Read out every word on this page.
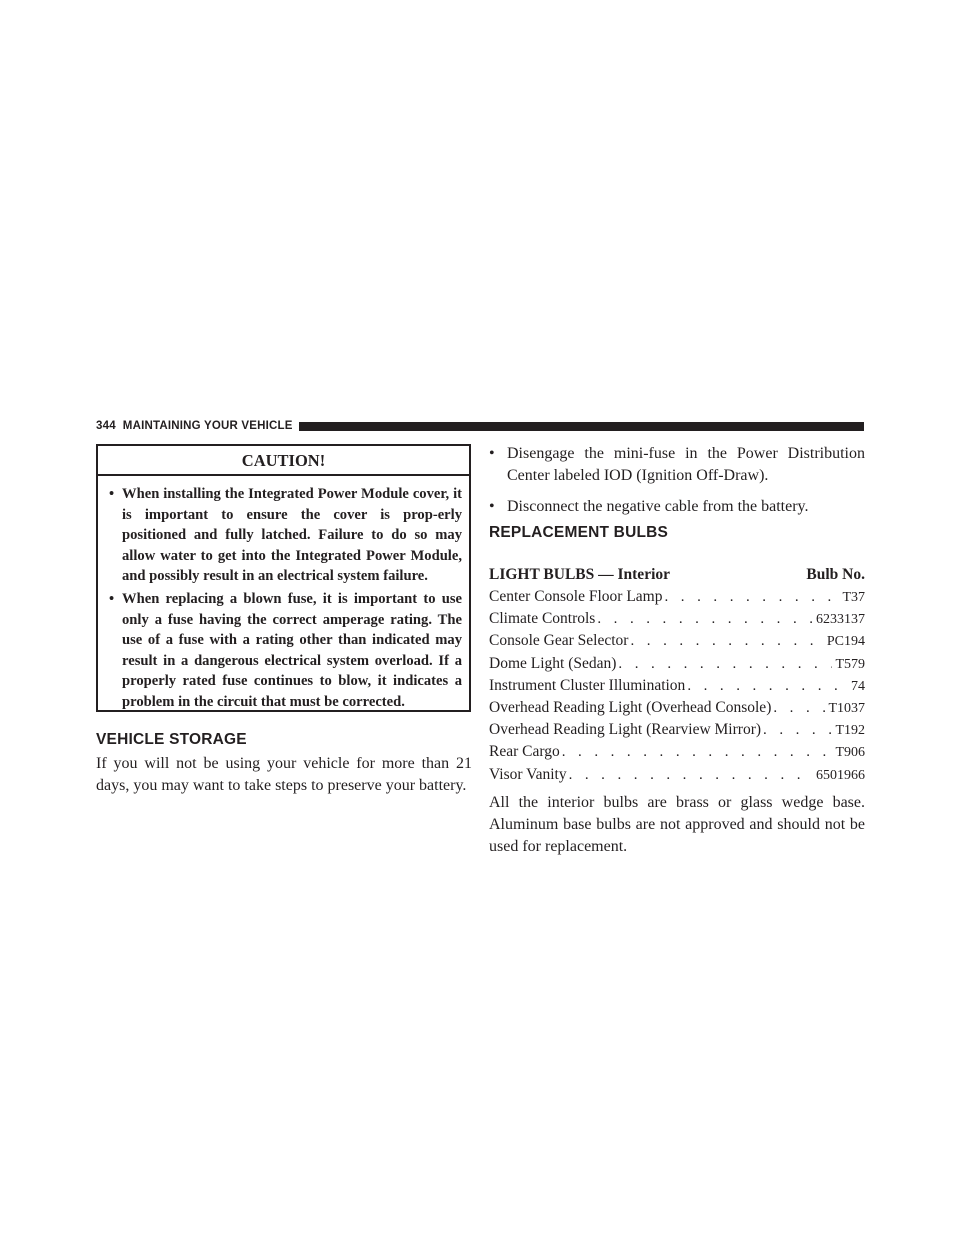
344 MAINTAINING YOUR VEHICLE
CAUTION!
• When installing the Integrated Power Module cover, it is important to ensure the cover is prop-erly positioned and fully latched. Failure to do so may allow water to get into the Integrated Power Module, and possibly result in an electrical system failure.
• When replacing a blown fuse, it is important to use only a fuse having the correct amperage rating. The use of a fuse with a rating other than indicated may result in a dangerous electrical system overload. If a properly rated fuse continues to blow, it indicates a problem in the circuit that must be corrected.
VEHICLE STORAGE

If you will not be using your vehicle for more than 21 days, you may want to take steps to preserve your battery.

• Disengage the mini-fuse in the Power Distribution Center labeled IOD (Ignition Off-Draw).
• Disconnect the negative cable from the battery.
REPLACEMENT BULBS
LIGHT BULBS — Interior	Bulb No.
Center Console Floor Lamp . . .	T37
Climate Controls . . .	6233137
Console Gear Selector . . .	PC194
Dome Light (Sedan) . . .	T579
Instrument Cluster Illumination . . .	74
Overhead Reading Light (Overhead Console) . . .	T1037
Overhead Reading Light (Rearview Mirror) . . .	T192
Rear Cargo . . .	T906
Visor Vanity . . .	6501966

All the interior bulbs are brass or glass wedge base. Aluminum base bulbs are not approved and should not be used for replacement.
